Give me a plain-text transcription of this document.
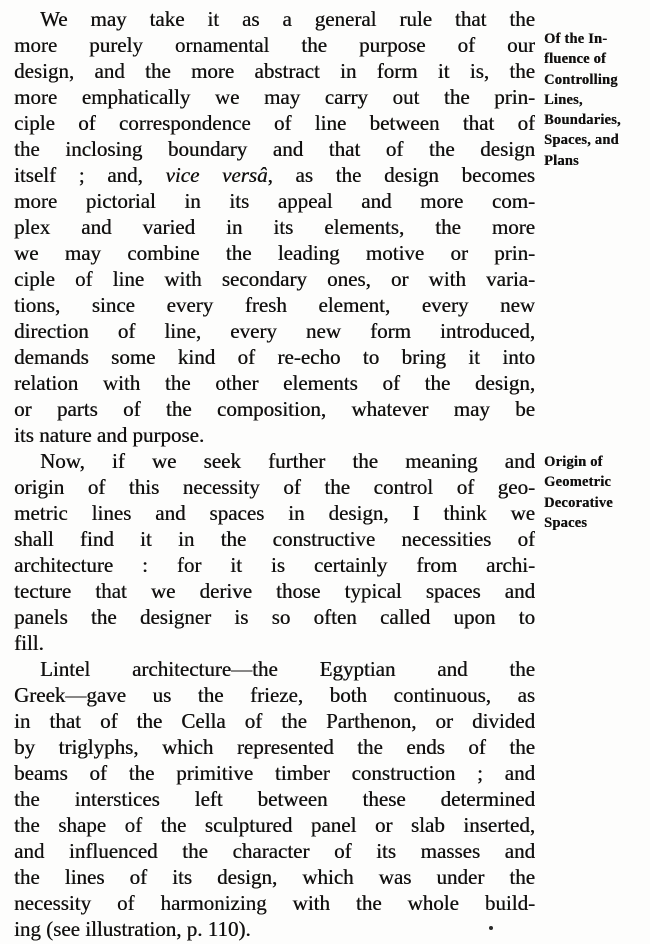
We may take it as a general rule that the
more purely ornamental the purpose of our
design, and the more abstract in form it is, the
more emphatically we may carry out the prin-
ciple of correspondence of line between that of
the inclosing boundary and that of the design
itself ; and, vice versâ, as the design becomes
more pictorial in its appeal and more com-
plex and varied in its elements, the more
we may combine the leading motive or prin-
ciple of line with secondary ones, or with varia-
tions, since every fresh element, every new
direction of line, every new form introduced,
demands some kind of re-echo to bring it into
relation with the other elements of the design,
or parts of the composition, whatever may be
its nature and purpose.
Now, if we seek further the meaning and
origin of this necessity of the control of geo-
metric lines and spaces in design, I think we
shall find it in the constructive necessities of
architecture : for it is certainly from archi-
tecture that we derive those typical spaces and
panels the designer is so often called upon to
fill.
Lintel architecture—the Egyptian and the
Greek—gave us the frieze, both continuous, as
in that of the Cella of the Parthenon, or divided
by triglyphs, which represented the ends of the
beams of the primitive timber construction ; and
the interstices left between these determined
the shape of the sculptured panel or slab inserted,
and influenced the character of its masses and
the lines of its design, which was under the
necessity of harmonizing with the whole build-
ing (see illustration, p. 110).
Of the In-
fluence of
Controlling
Lines,
Boundaries,
Spaces, and
Plans
Origin of
Geometric
Decorative
Spaces
